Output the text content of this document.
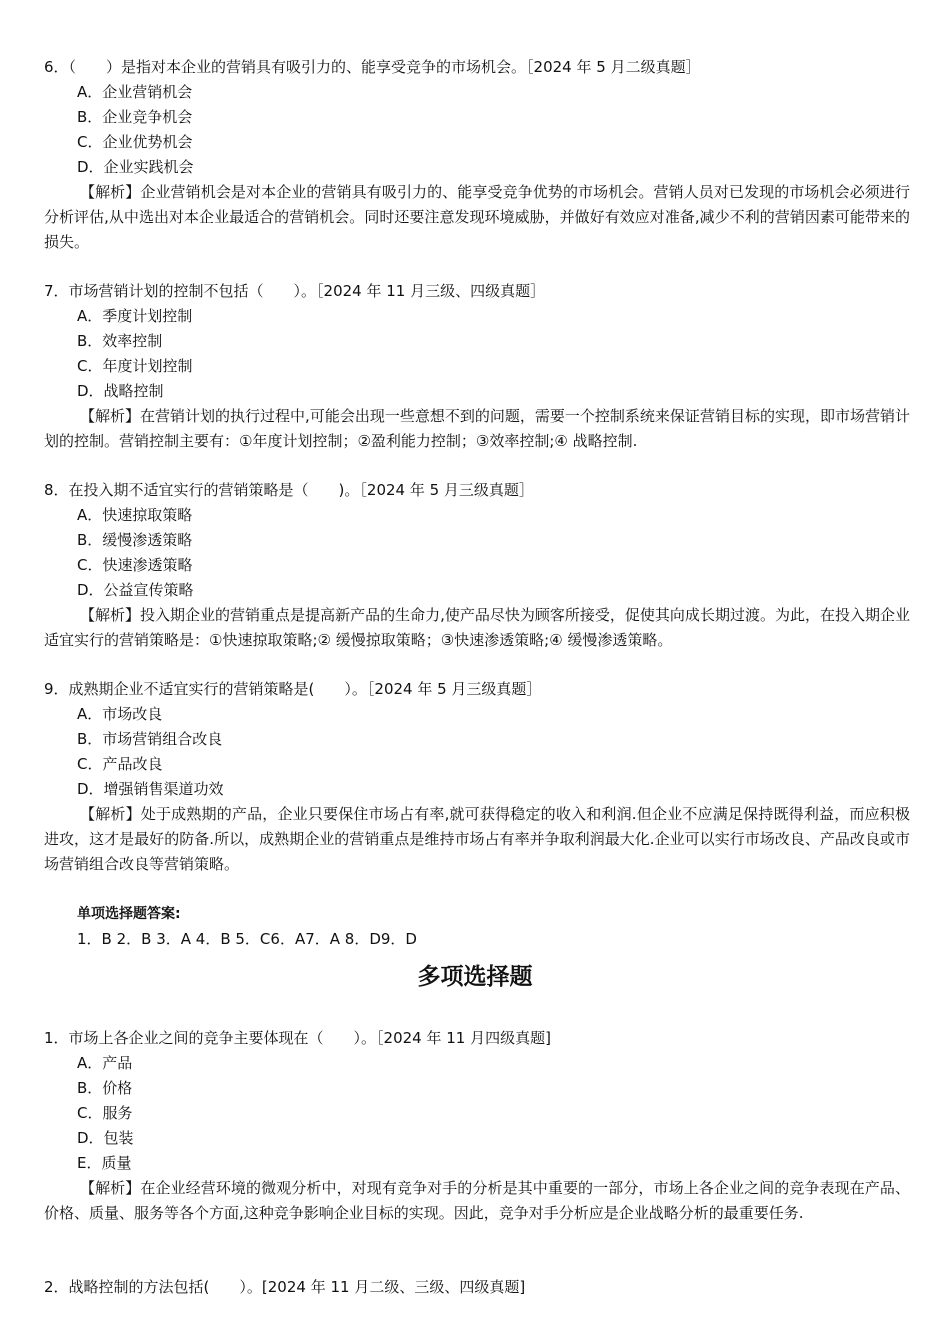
6．（　　）是指对本企业的营销具有吸引力的、能享受竞争的市场机会。［2024 年 5 月二级真题］
A．企业营销机会
B．企业竞争机会
C．企业优势机会
D．企业实践机会
【解析】企业营销机会是对本企业的营销具有吸引力的、能享受竞争优势的市场机会。营销人员对已发现的市场机会必须进行分析评估,从中选出对本企业最适合的营销机会。同时还要注意发现环境威胁，并做好有效应对准备,减少不利的营销因素可能带来的损失。
7．市场营销计划的控制不包括（　　）。［2024 年 11 月三级、四级真题］
A．季度计划控制
B．效率控制
C．年度计划控制
D．战略控制
【解析】在营销计划的执行过程中,可能会出现一些意想不到的问题，需要一个控制系统来保证营销目标的实现，即市场营销计划的控制。营销控制主要有：①年度计划控制；②盈利能力控制；③效率控制;④ 战略控制.
8．在投入期不适宜实行的营销策略是（　　)。［2024 年 5 月三级真题］
A．快速掠取策略
B．缓慢渗透策略
C．快速渗透策略
D．公益宣传策略
【解析】投入期企业的营销重点是提高新产品的生命力,使产品尽快为顾客所接受，促使其向成长期过渡。为此，在投入期企业适宜实行的营销策略是：①快速掠取策略;② 缓慢掠取策略；③快速渗透策略;④ 缓慢渗透策略。
9．成熟期企业不适宜实行的营销策略是(　　）。［2024 年 5 月三级真题］
A．市场改良
B．市场营销组合改良
C．产品改良
D．增强销售渠道功效
【解析】处于成熟期的产品，企业只要保住市场占有率,就可获得稳定的收入和利润.但企业不应满足保持既得利益，而应积极进攻，这才是最好的防备.所以，成熟期企业的营销重点是维持市场占有率并争取利润最大化.企业可以实行市场改良、产品改良或市场营销组合改良等营销策略。
单项选择题答案:
1．B 2．B 3．A 4．B 5．C6．A7．A 8．D9．D
多项选择题
1．市场上各企业之间的竞争主要体现在（　　）。［2024 年 11 月四级真题]
A．产品
B．价格
C．服务
D．包装
E．质量
【解析】在企业经营环境的微观分析中，对现有竞争对手的分析是其中重要的一部分，市场上各企业之间的竞争表现在产品、价格、质量、服务等各个方面,这种竞争影响企业目标的实现。因此，竞争对手分析应是企业战略分析的最重要任务.
2．战略控制的方法包括(　　）。[2024 年 11 月二级、三级、四级真题]
